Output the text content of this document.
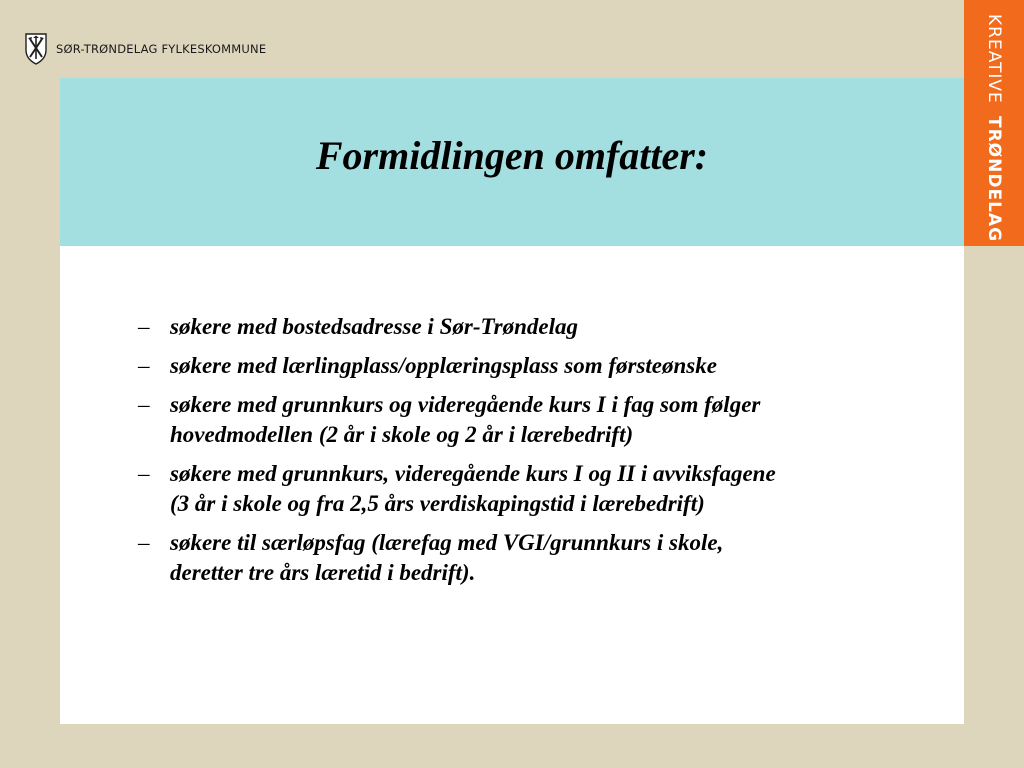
SØR-TRØNDELAG FYLKESKOMMUNE	KREATIVE TRØNDELAG
Formidlingen omfatter:
– søkere med bostedsadresse i Sør-Trøndelag
– søkere med lærlingplass/opplæringsplass som førsteønske
– søkere med grunnkurs og videregående kurs I i fag som følger
hovedmodellen (2 år i skole og 2 år i lærebedrift)
– søkere med grunnkurs, videregående kurs I og II i avviksfagene
(3 år i skole og fra 2,5 års verdiskapingstid i lærebedrift)
– søkere til særløpsfag (lærefag med VGI/grunnkurs i skole,
deretter tre års læretid i bedrift).
